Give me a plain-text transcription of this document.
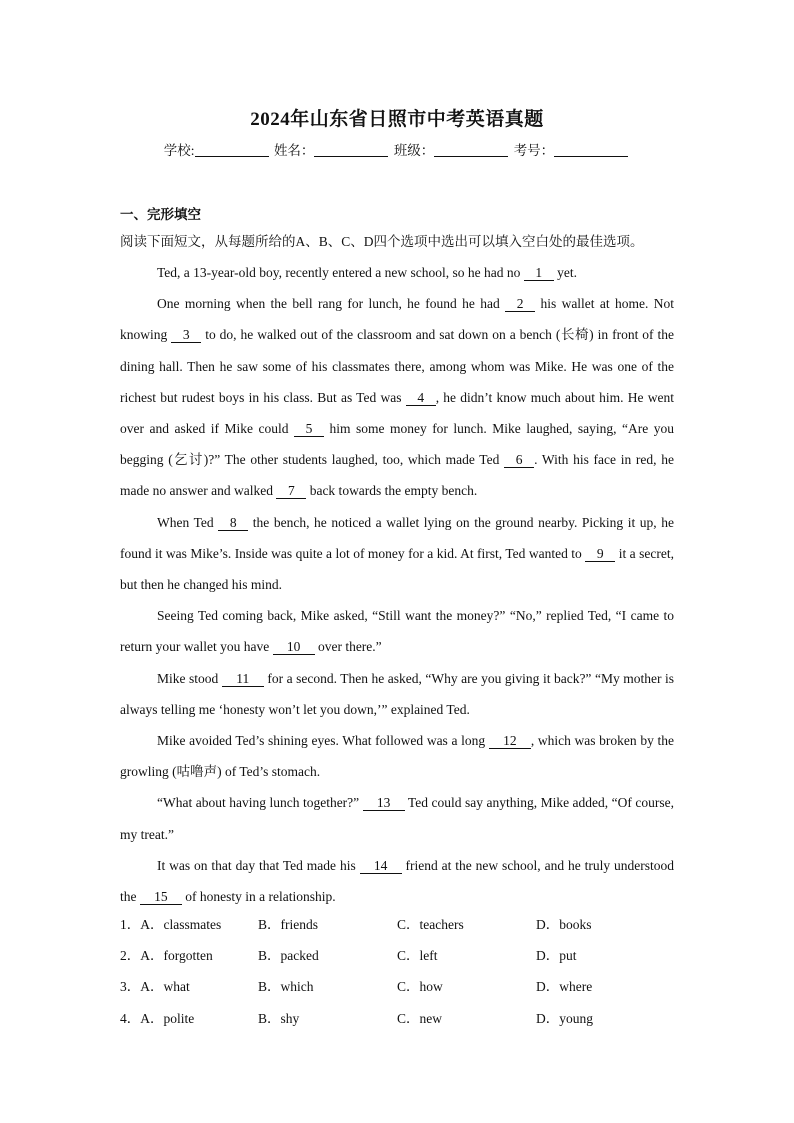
2024年山东省日照市中考英语真题
学校:	姓名：	班级：	考号：
一、完形填空
阅读下面短文，从每题所给的A、B、C、D四个选项中选出可以填入空白处的最佳选项。

Ted, a 13-year-old boy, recently entered a new school, so he had no 1 yet.

One morning when the bell rang for lunch, he found he had 2 his wallet at home. Not knowing 3 to do, he walked out of the classroom and sat down on a bench (长椅) in front of the dining hall. Then he saw some of his classmates there, among whom was Mike. He was one of the richest but rudest boys in his class. But as Ted was 4 , he didn’t know much about him. He went over and asked if Mike could 5 him some money for lunch. Mike laughed, saying, “Are you begging (乞讨)?” The other students laughed, too, which made Ted 6 . With his face in red, he made no answer and walked 7 back towards the empty bench.

When Ted 8 the bench, he noticed a wallet lying on the ground nearby. Picking it up, he found it was Mike’s. Inside was quite a lot of money for a kid. At first, Ted wanted to 9 it a secret, but then he changed his mind.

Seeing Ted coming back, Mike asked, “Still want the money?” “No,” replied Ted, “I came to return your wallet you have 10 over there.”

Mike stood 11 for a second. Then he asked, “Why are you giving it back?” “My mother is always telling me ‘honesty won’t let you down,’” explained Ted.

Mike avoided Ted’s shining eyes. What followed was a long 12 , which was broken by the growling (咕噜声) of Ted’s stomach.

“What about having lunch together?” 13 Ted could say anything, Mike added, “Of course, my treat.”

It was on that day that Ted made his 14 friend at the new school, and he truly understood the 15 of honesty in a relationship.

1．A．classmates	B．friends	C．teachers	D．books
2．A．forgotten	B．packed	C．left	D．put
3．A．what	B．which	C．how	D．where
4．A．polite	B．shy	C．new	D．young
